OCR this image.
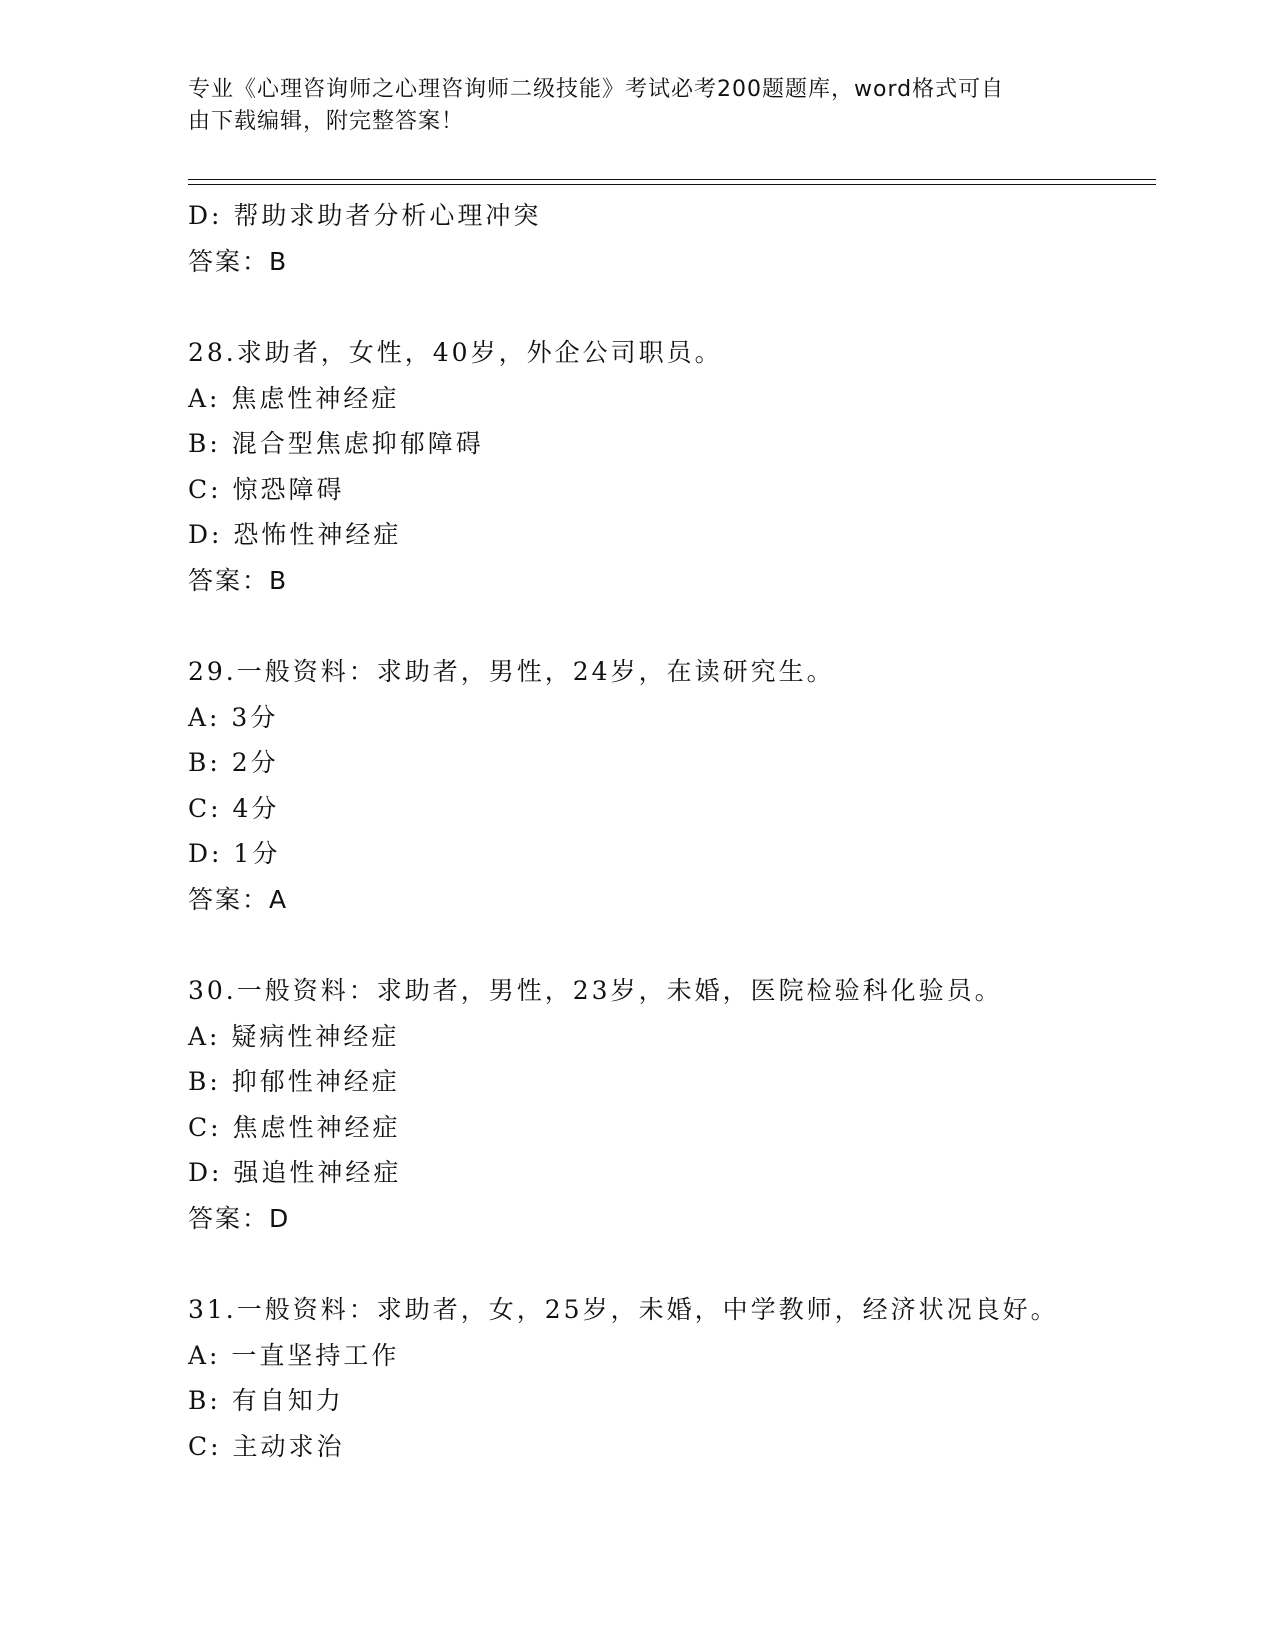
专业《心理咨询师之心理咨询师二级技能》考试必考200题题库，word格式可自
由下载编辑，附完整答案！
D: 帮助求助者分析心理冲突
答案：B
28.求助者，女性，40岁，外企公司职员。
A: 焦虑性神经症
B: 混合型焦虑抑郁障碍
C: 惊恐障碍
D: 恐怖性神经症
答案：B
29.一般资料：求助者，男性，24岁，在读研究生。
A: 3分
B: 2分
C: 4分
D: 1分
答案：A
30.一般资料：求助者，男性，23岁，未婚，医院检验科化验员。
A: 疑病性神经症
B: 抑郁性神经症
C: 焦虑性神经症
D: 强追性神经症
答案：D
31.一般资料：求助者，女，25岁，未婚，中学教师，经济状况良好。
A: 一直坚持工作
B: 有自知力
C: 主动求治
